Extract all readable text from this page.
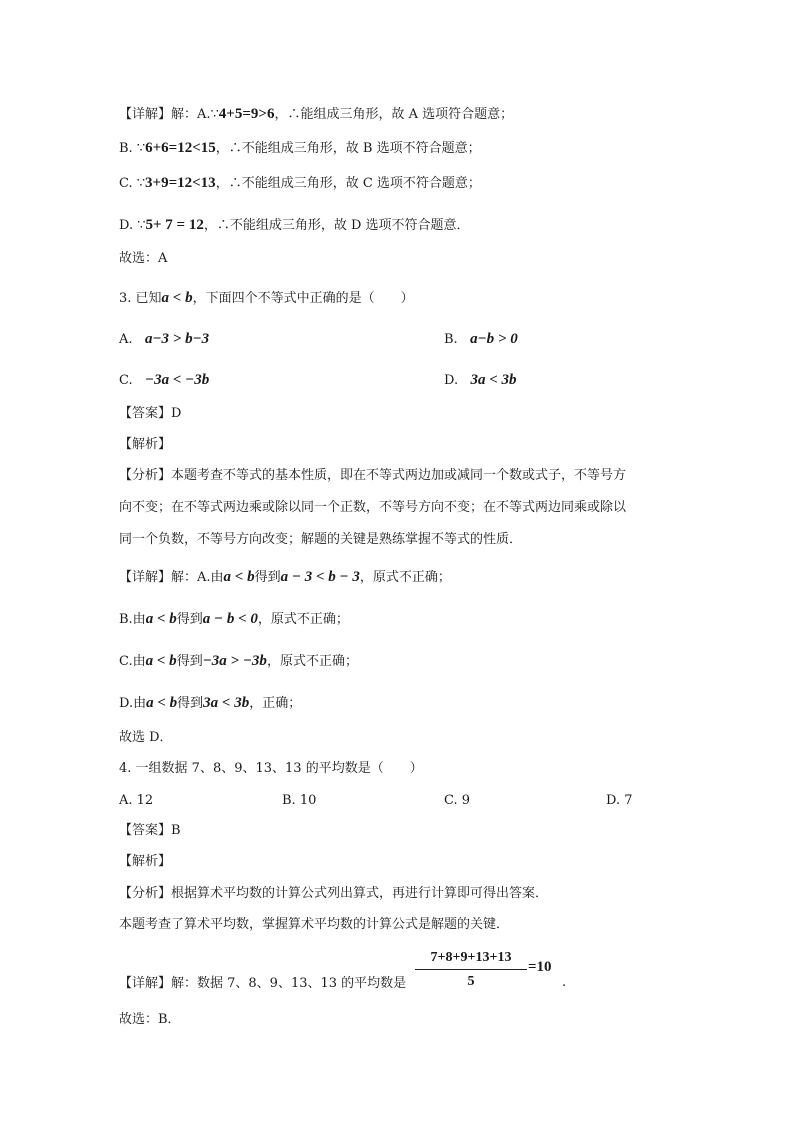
【详解】解：A.∵4+5=9>6，∴能组成三角形，故 A 选项符合题意；
B. ∵6+6=12<15，∴不能组成三角形，故 B 选项不符合题意；
C. ∵3+9=12<13，∴不能组成三角形，故 C 选项不符合题意；
D. ∵5+ 7 = 12，∴不能组成三角形，故 D 选项不符合题意．
故选：A
3. 已知a < b，下面四个不等式中正确的是（　　）
A. a−3 > b−3	B. a−b > 0
C. −3a < −3b	D. 3a < 3b
【答案】D
【解析】
【分析】本题考查不等式的基本性质，即在不等式两边加或减同一个数或式子，不等号方
向不变；在不等式两边乘或除以同一个正数，不等号方向不变；在不等式两边同乘或除以
同一个负数，不等号方向改变；解题的关键是熟练掌握不等式的性质．
【详解】解：A.由a < b得到a − 3 < b − 3，原式不正确；
B.由a < b得到a − b < 0，原式不正确；
C.由a < b得到−3a > −3b，原式不正确；
D.由a < b得到3a < 3b，正确；
故选 D．
4. 一组数据 7、8、9、13、13 的平均数是（　　）
A. 12	B. 10	C. 9	D. 7
【答案】B
【解析】
【分析】根据算术平均数的计算公式列出算式，再进行计算即可得出答案．
本题考查了算术平均数，掌握算术平均数的计算公式是解题的关键．
【详解】解：数据 7、8、9、13、13 的平均数是 $\frac{7+8+9+13+13}{5} =10$
.
故选：B．
